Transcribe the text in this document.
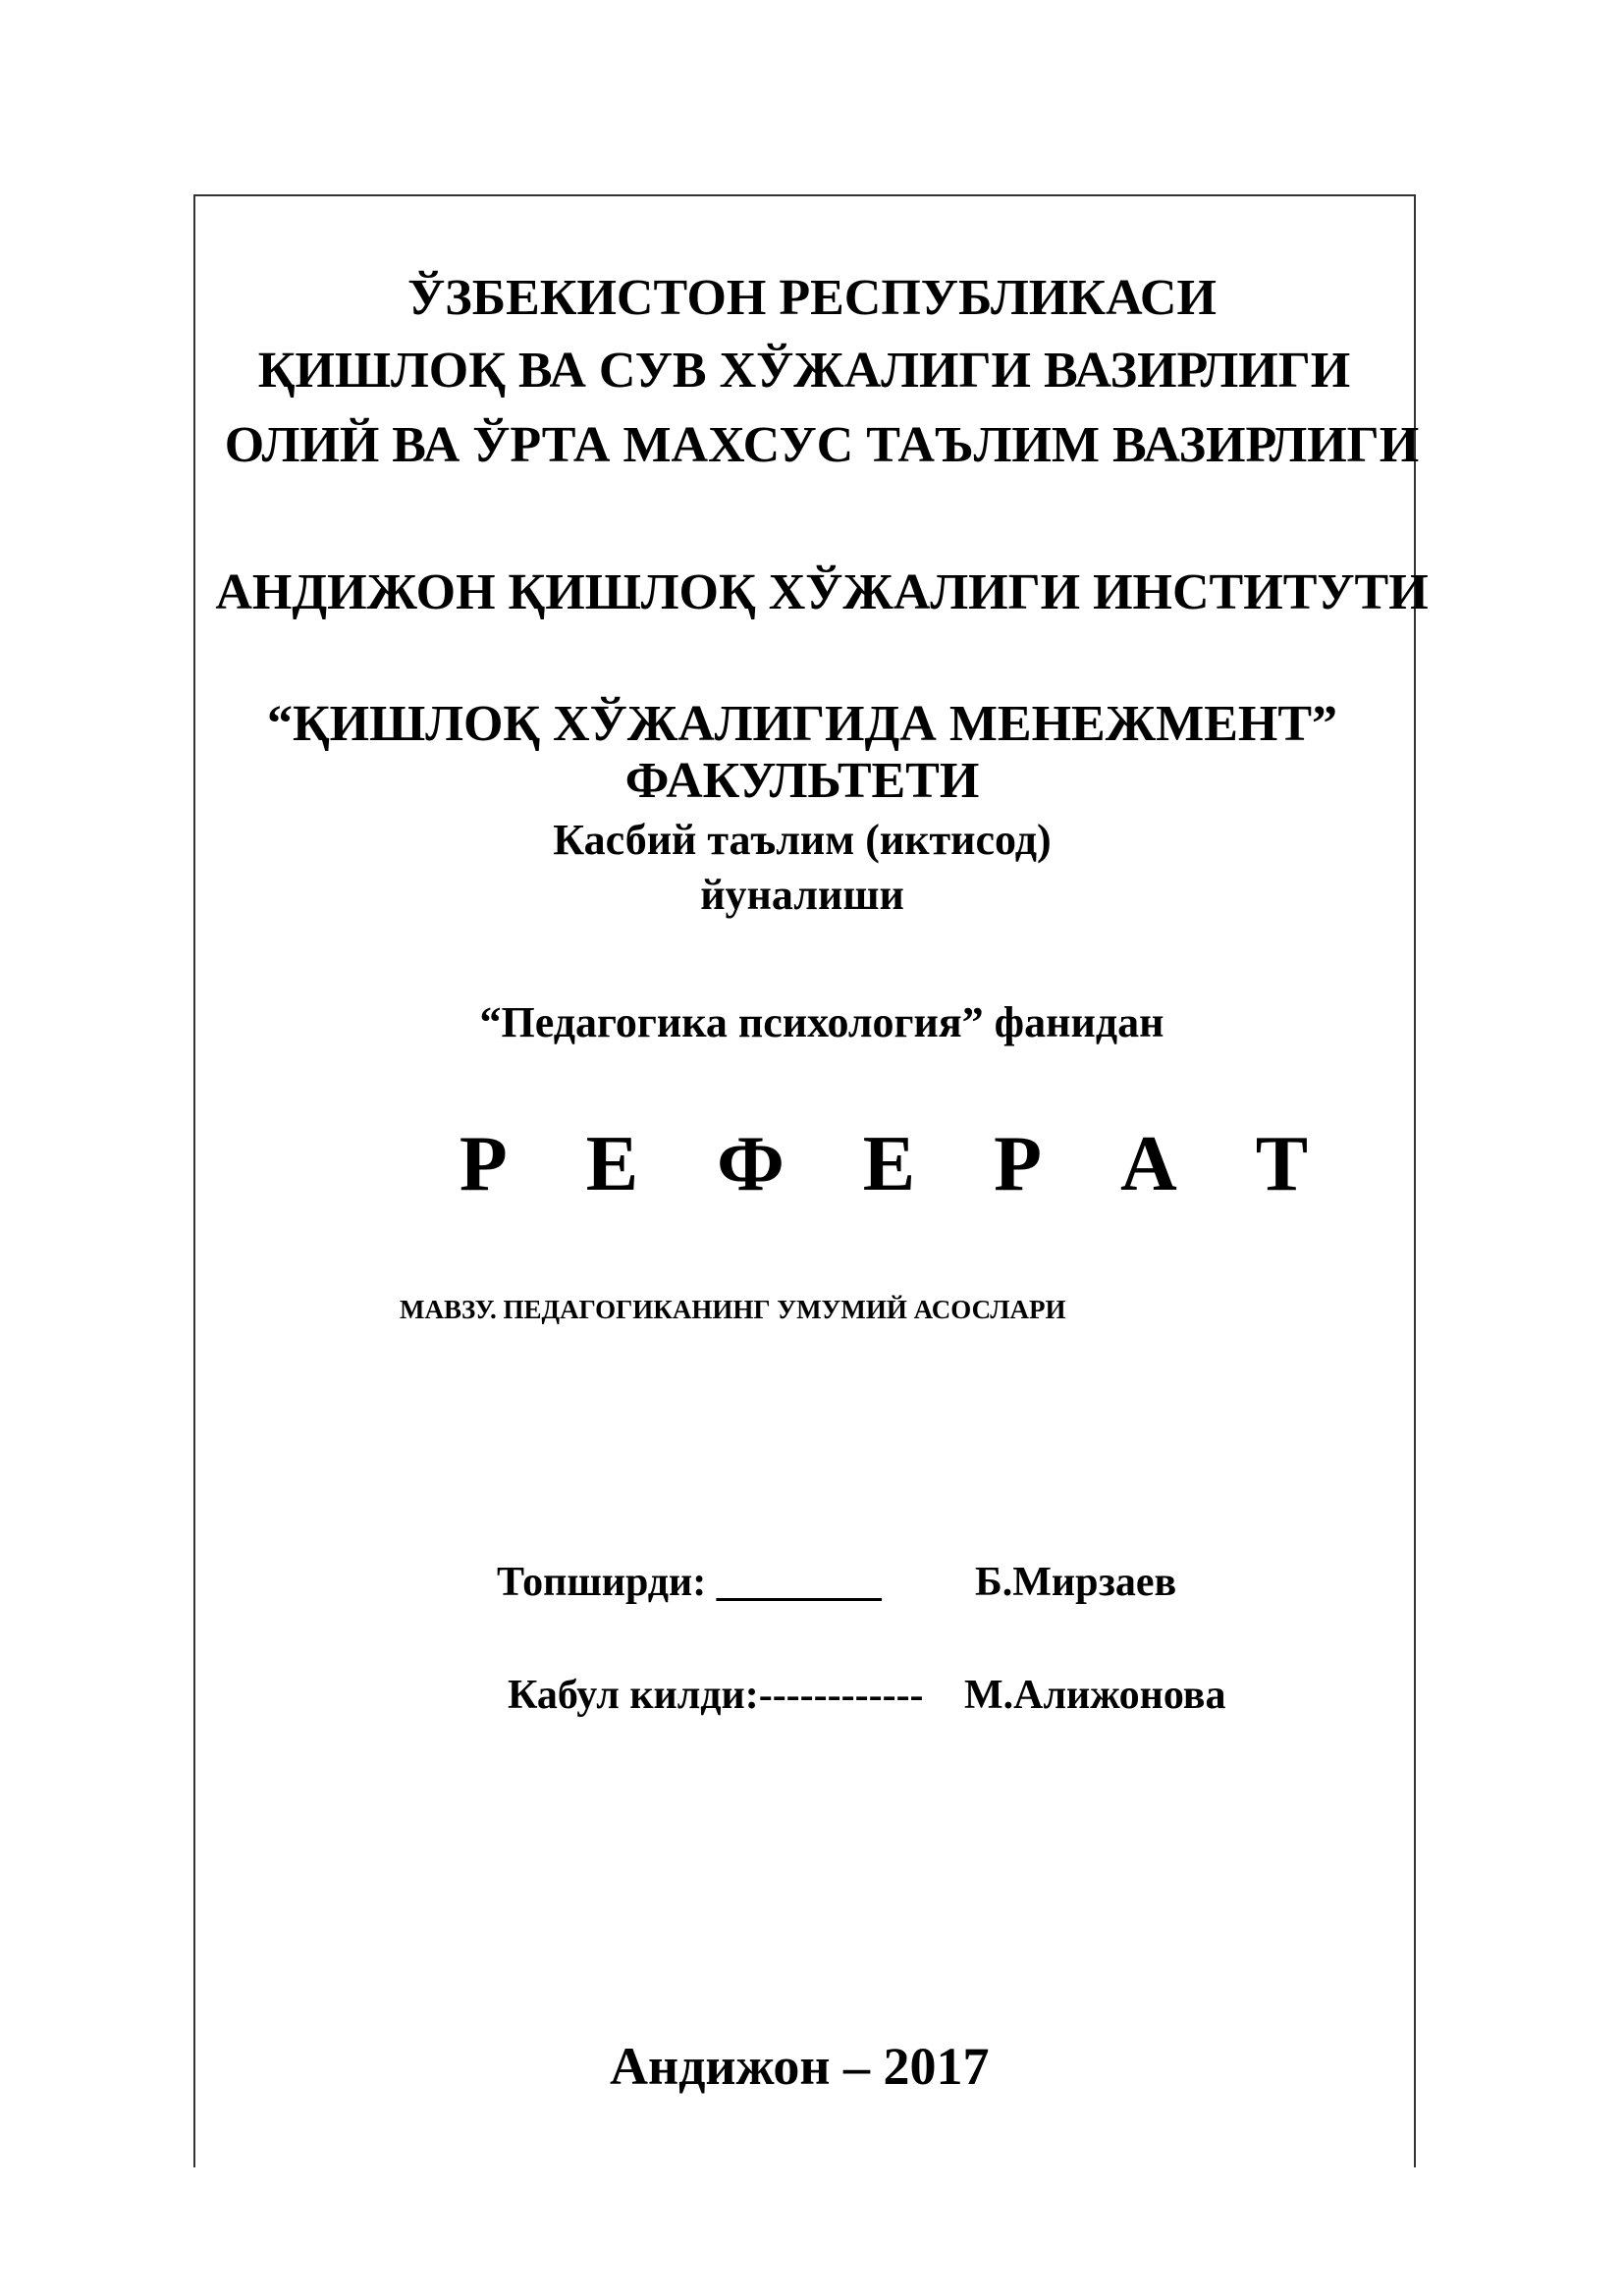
ЎЗБЕКИСТОН РЕСПУБЛИКАСИ
ҚИШЛОҚ ВА СУВ ХЎЖАЛИГИ ВАЗИРЛИГИ
ОЛИЙ ВА ЎРТА МАХСУС ТАЪЛИМ ВАЗИРЛИГИ
АНДИЖОН ҚИШЛОҚ ХЎЖАЛИГИ ИНСТИТУТИ
“ҚИШЛОҚ ХЎЖАЛИГИДА МЕНЕЖМЕНТ”
ФАКУЛЬТЕТИ
Касбий таълим (иктисод)
йуналиши
“Педагогика психология” фанидан
Р Е Ф Е Р А Т
МАВЗУ. ПЕДАГОГИКАНИНГ УМУМИЙ АСОСЛАРИ
Топширди: ________ Б.Мирзаев
Кабул килди:------------ М.Алижонова
Андижон – 2017
